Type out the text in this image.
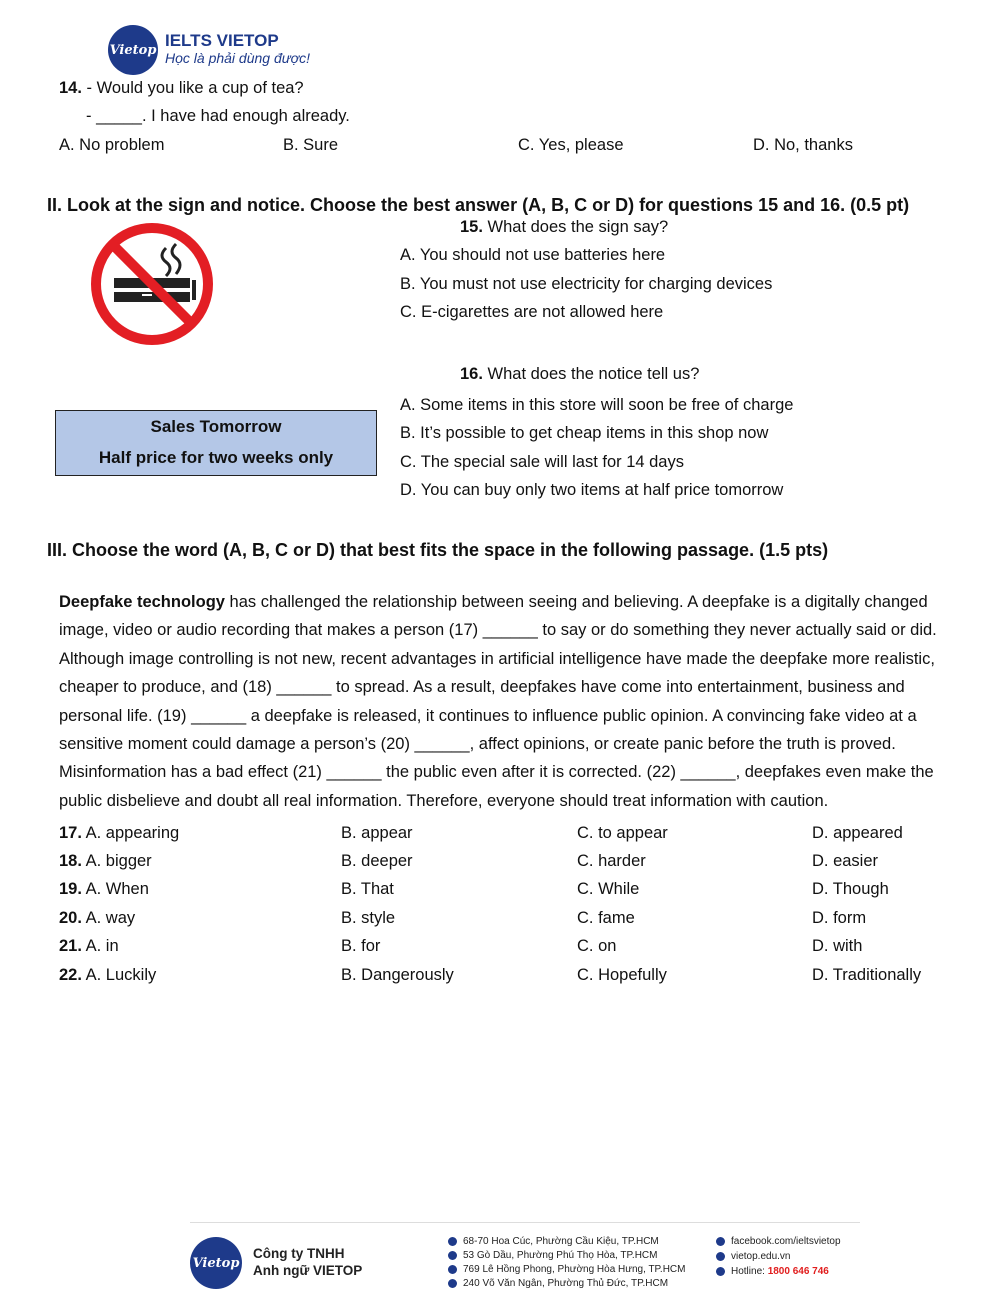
Vietop IELTS VIETOP
Học là phải dùng được!
14. - Would you like a cup of tea?
- _____. I have had enough already.
A. No problem	B. Sure	C. Yes, please	D. No, thanks
II. Look at the sign and notice. Choose the best answer (A, B, C or D) for questions 15 and 16. (0.5 pt)
15. What does the sign say?
A. You should not use batteries here
B. You must not use electricity for charging devices
C. E-cigarettes are not allowed here
Sales Tomorrow
Half price for two weeks only
16. What does the notice tell us?
A. Some items in this store will soon be free of charge
B. It’s possible to get cheap items in this shop now
C. The special sale will last for 14 days
D. You can buy only two items at half price tomorrow
III. Choose the word (A, B, C or D) that best fits the space in the following passage. (1.5 pts)

Deepfake technology has challenged the relationship between seeing and believing. A deepfake is a digitally changed

image, video or audio recording that makes a person (17) ______ to say or do something they never actually said or did.

Although image controlling is not new, recent advantages in artificial intelligence have made the deepfake more realistic,

cheaper to produce, and (18) ______ to spread. As a result, deepfakes have come into entertainment, business and

personal life. (19) ______ a deepfake is released, it continues to influence public opinion. A convincing fake video at a

sensitive moment could damage a person’s (20) ______, affect opinions, or create panic before the truth is proved.

Misinformation has a bad effect (21) ______ the public even after it is corrected. (22) ______, deepfakes even make the

public disbelieve and doubt all real information. Therefore, everyone should treat information with caution.

17. A. appearing	B. appear	C. to appear	D. appeared
18. A. bigger	B. deeper	C. harder	D. easier
19. A. When	B. That	C. While	D. Though
20. A. way	B. style	C. fame	D. form
21. A. in	B. for	C. on	D. with
22. A. Luckily	B. Dangerously	C. Hopefully	D. Traditionally
Vietop
Công ty TNHH
Anh ngữ VIETOP
68-70 Hoa Cúc, Phường Cầu Kiệu, TP.HCM
53 Gò Dầu, Phường Phú Thọ Hòa, TP.HCM
769 Lê Hồng Phong, Phường Hòa Hưng, TP.HCM
240 Võ Văn Ngân, Phường Thủ Đức, TP.HCM
facebook.com/ieltsvietop
vietop.edu.vn
Hotline: 1800 646 746
